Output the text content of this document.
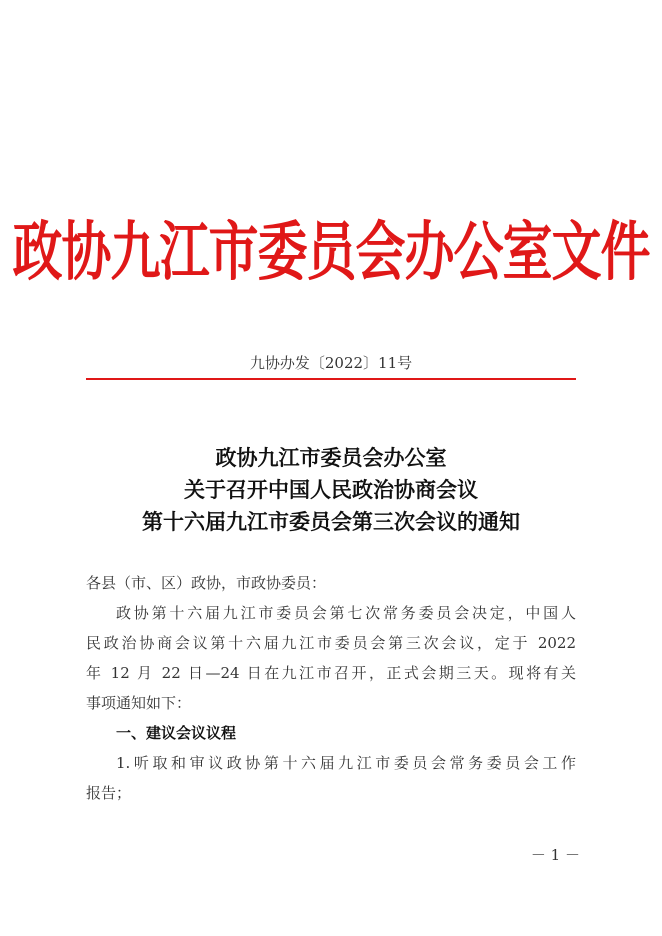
政协九江市委员会办公室文件
九协办发〔2022〕11号
政协九江市委员会办公室
关于召开中国人民政治协商会议
第十六届九江市委员会第三次会议的通知
各县（市、区）政协，市政协委员：
政协第十六届九江市委员会第七次常务委员会决定，中国人
民政治协商会议第十六届九江市委员会第三次会议，定于 2022
年 12 月 22 日—24 日在九江市召开，正式会期三天。现将有关
事项通知如下：
一、建议会议议程
1.听取和审议政协第十六届九江市委员会常务委员会工作
报告；
－ 1 －
